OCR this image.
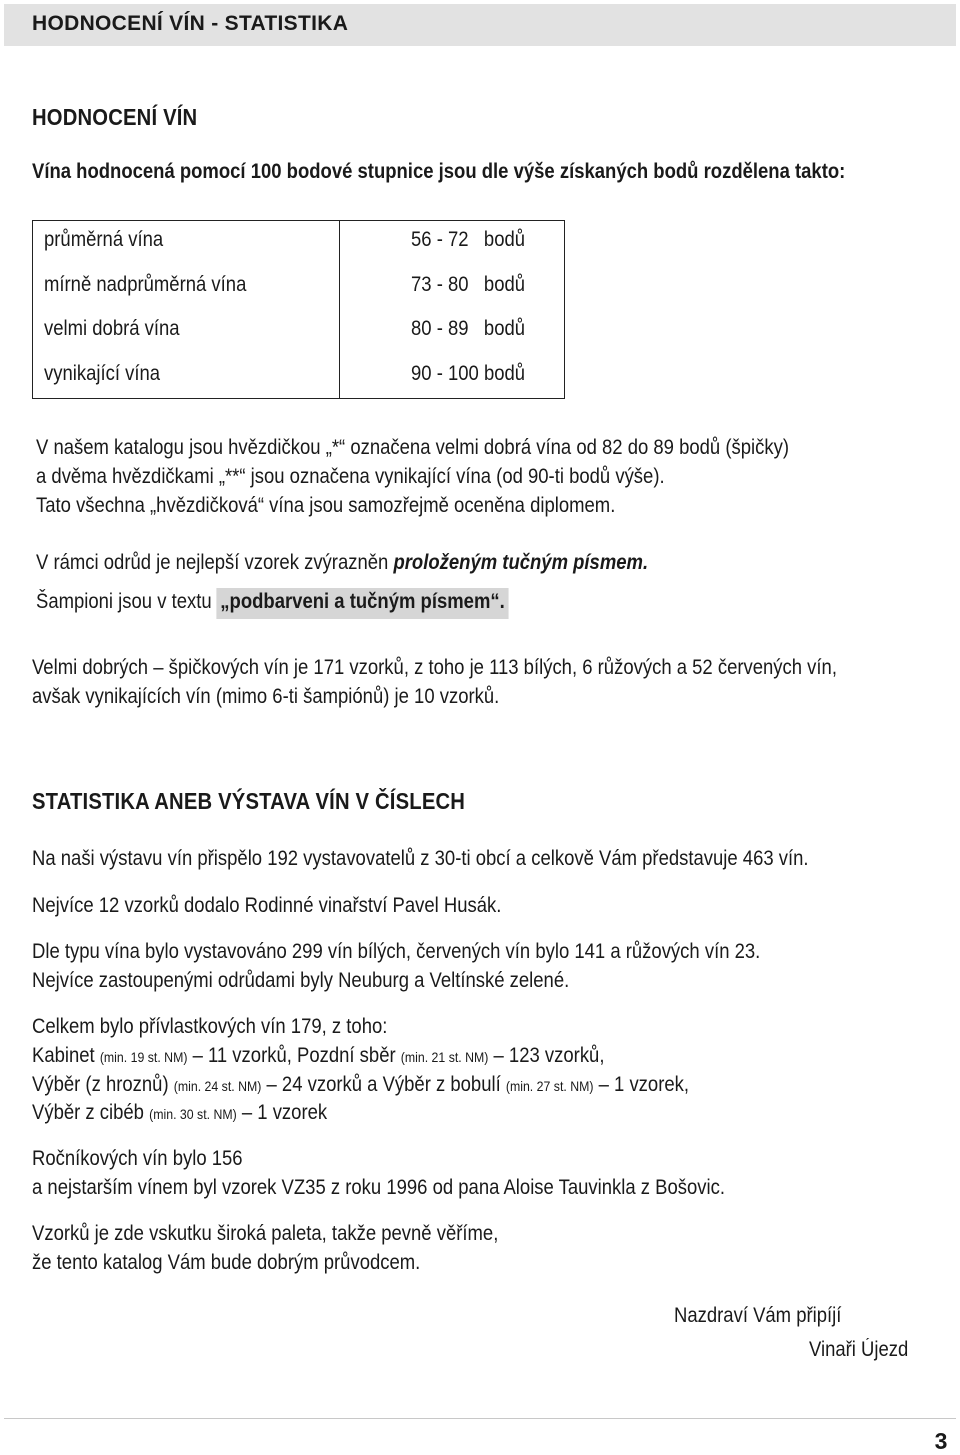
HODNOCENÍ VÍN - STATISTIKA
HODNOCENÍ VÍN
Vína hodnocená pomocí 100 bodové stupnice jsou dle výše získaných bodů rozdělena takto:
průměrná vína	56 - 72   bodů
mírně nadprůměrná vína	73 - 80   bodů
velmi dobrá vína	80 - 89   bodů
vynikající vína	90 - 100 bodů
V našem katalogu jsou hvězdičkou „*“ označena velmi dobrá vína od 82 do 89 bodů (špičky)
a dvěma hvězdičkami „**“ jsou označena vynikající vína (od 90-ti bodů výše).
Tato všechna „hvězdičková“ vína jsou samozřejmě oceněna diplomem.
V rámci odrůd je nejlepší vzorek zvýrazněn proloženým tučným písmem.
Šampioni jsou v textu „podbarveni a tučným písmem“.
Velmi dobrých – špičkových vín je 171 vzorků, z toho je 113 bílých, 6 růžových a 52 červených vín,
avšak vynikajících vín (mimo 6-ti šampiónů) je 10 vzorků.
STATISTIKA ANEB VÝSTAVA VÍN V ČÍSLECH
Na naši výstavu vín přispělo 192 vystavovatelů z 30-ti obcí a celkově Vám představuje 463 vín.
Nejvíce 12 vzorků dodalo Rodinné vinařství Pavel Husák.
Dle typu vína bylo vystavováno 299 vín bílých, červených vín bylo 141 a růžových vín 23.
Nejvíce zastoupenými odrůdami byly Neuburg a Veltínské zelené.
Celkem bylo přívlastkových vín 179, z toho:
Kabinet (min. 19 st. NM) – 11 vzorků, Pozdní sběr (min. 21 st. NM) – 123 vzorků,
Výběr (z hroznů) (min. 24 st. NM) – 24 vzorků a Výběr z bobulí (min. 27 st. NM) – 1 vzorek,
Výběr z cibéb (min. 30 st. NM) – 1 vzorek
Ročníkových vín bylo 156
a nejstarším vínem byl vzorek VZ35 z roku 1996 od pana Aloise Tauvinkla z Bošovic.
Vzorků je zde vskutku široká paleta, takže pevně věříme,
že tento katalog Vám bude dobrým průvodcem.
Nazdraví Vám připíjí
Vinaři Újezd
3
